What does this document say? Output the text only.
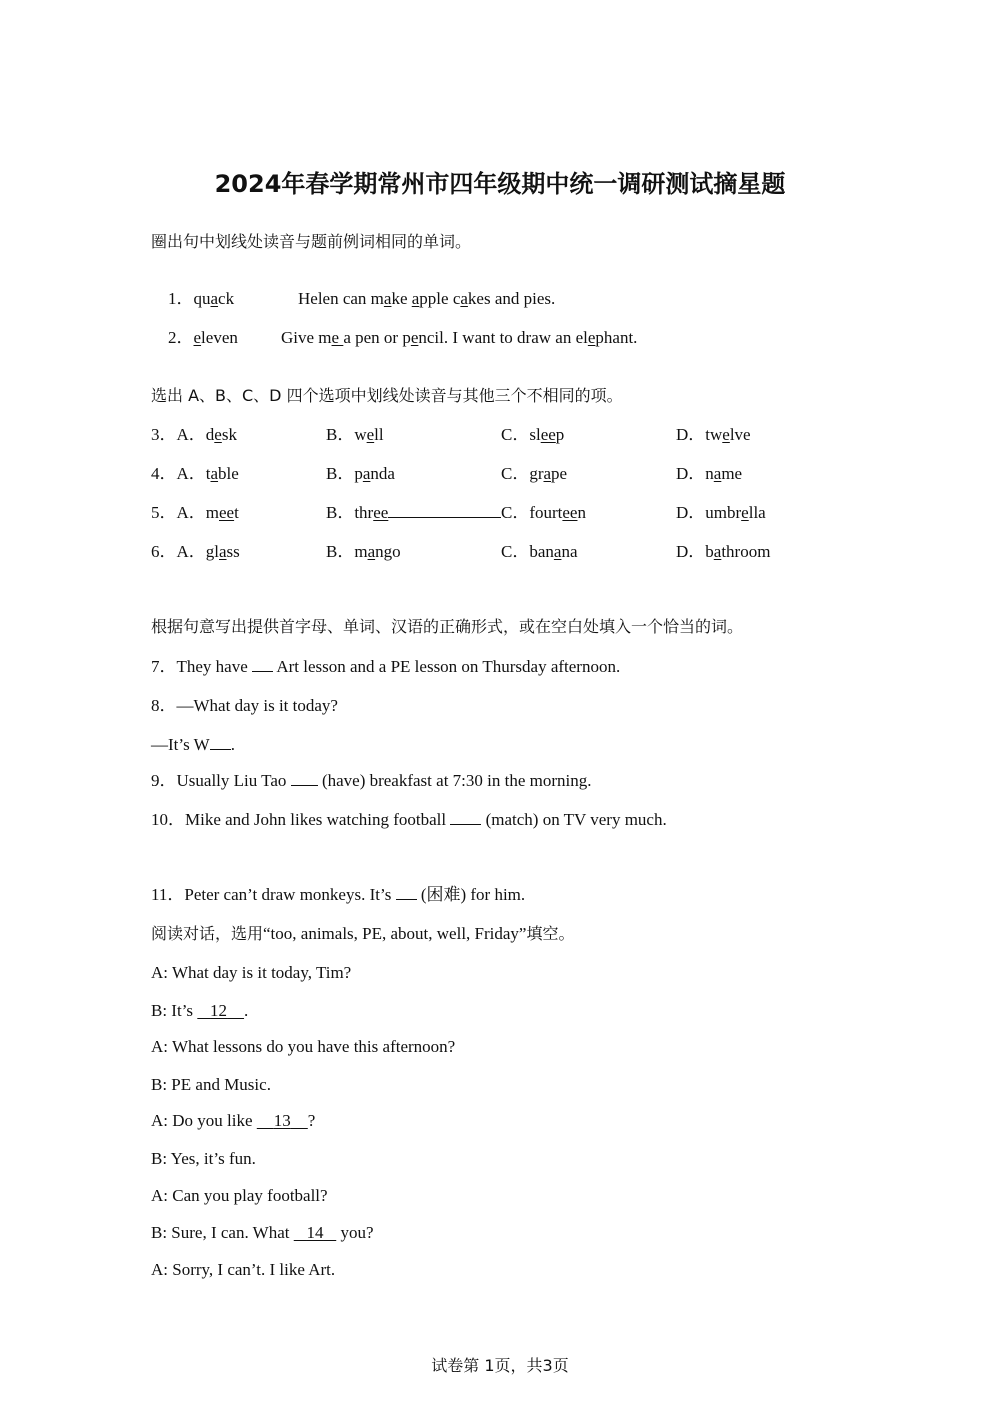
2024年春学期常州市四年级期中统一调研测试摘星题
圈出句中划线处读音与题前例词相同的单词。

1．quack
	Helen can make apple cakes and pies.

2．eleven
	Give me a pen or pencil. I want to draw an elephant.

选出 A、B、C、D 四个选项中划线处读音与其他三个不相同的项。
3．A．desk	B．well	C．sleep	D．twelve
4．A．table	B．panda	C．grape	D．name
5．A．meet	B．three	C．fourteen	D．umbrella
6．A．glass	B．mango	C．banana	D．bathroom
根据句意写出提供首字母、单词、汉语的正确形式，或在空白处填入一个恰当的词。
7．They have  Art lesson and a PE lesson on Thursday afternoon.
8．—What day is it today?
—It’s W .
9．Usually Liu Tao  (have) breakfast at 7:30 in the morning.
10．Mike and John likes watching football  (match) on TV very much.
11．Peter can’t draw monkeys. It’s  (困难) for him.
阅读对话，选用“too, animals, PE, about, well, Friday”填空。
A: What day is it today, Tim?
B: It’s    12 .
A: What lessons do you have this afternoon?
B: PE and Music.
A: Do you like     13 ?
B: Yes, it’s fun.
A: Can you play football?
B: Sure, I can. What    14    you?
A: Sorry, I can’t. I like Art.
试卷第 1页，共3页
